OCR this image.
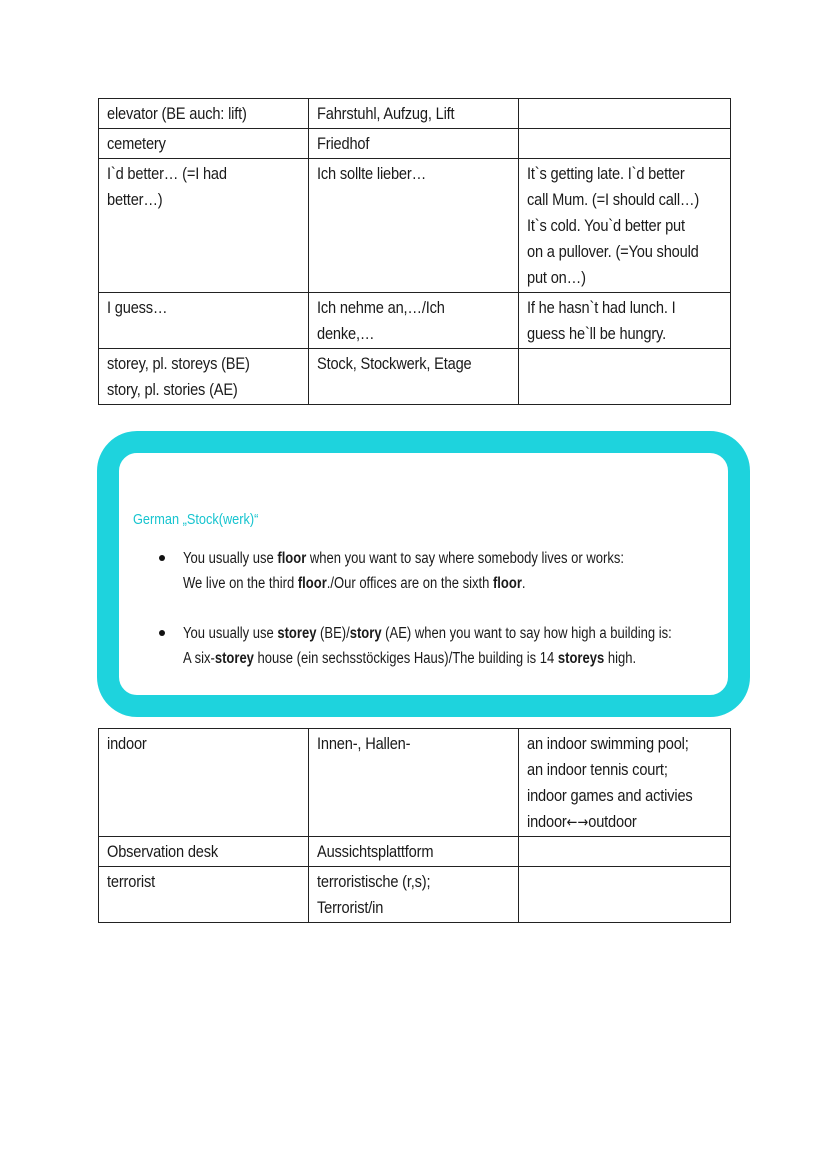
elevator (BE auch: lift)	Fahrstuhl, Aufzug, Lift	

cemetery	Friedhof	

I`d better… (=I had
better…)	Ich sollte lieber…	It`s getting late. I`d better
call Mum. (=I should call…)
It`s cold. You`d better put
on a pullover. (=You should
put on…)

I guess…	Ich nehme an,…/Ich
denke,…	If he hasn`t had lunch. I
guess he`ll be hungry.

storey, pl. storeys (BE)
story, pl. stories (AE)	Stock, Stockwerk, Etage	

German „Stock(werk)“
You usually use floor when you want to say where somebody lives or works:
We live on the third floor./Our offices are on the sixth floor.
You usually use storey (BE)/story (AE) when you want to say how high a building is:
A six-storey house (ein sechsstöckiges Haus)/The building is 14 storeys high.
indoor	Innen-, Hallen-	an indoor swimming pool;
an indoor tennis court;
indoor games and activies
indoor←→outdoor

Observation desk	Aussichtsplattform	

terrorist	terroristische (r,s);
Terrorist/in	
